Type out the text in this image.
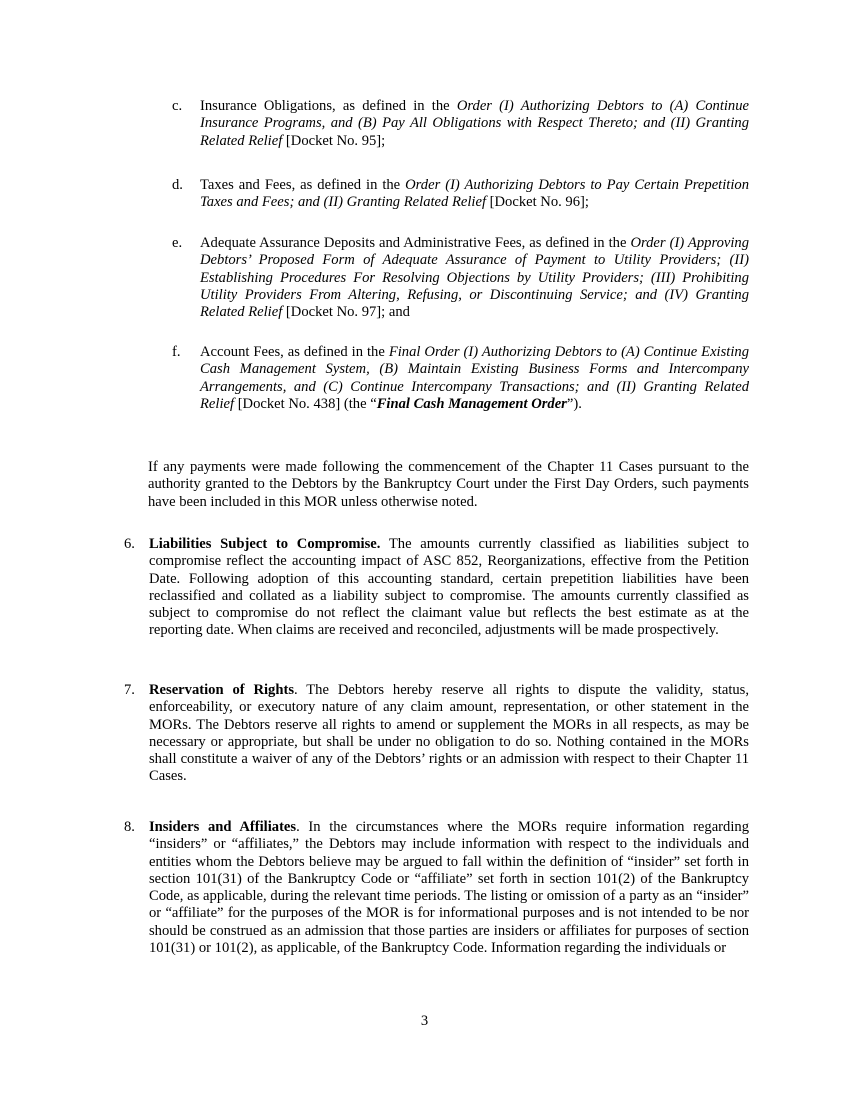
c. Insurance Obligations, as defined in the Order (I) Authorizing Debtors to (A) Continue Insurance Programs, and (B) Pay All Obligations with Respect Thereto; and (II) Granting Related Relief [Docket No. 95];

d. Taxes and Fees, as defined in the Order (I) Authorizing Debtors to Pay Certain Prepetition Taxes and Fees; and (II) Granting Related Relief [Docket No. 96];

e. Adequate Assurance Deposits and Administrative Fees, as defined in the Order (I) Approving Debtors’ Proposed Form of Adequate Assurance of Payment to Utility Providers; (II) Establishing Procedures For Resolving Objections by Utility Providers; (III) Prohibiting Utility Providers From Altering, Refusing, or Discontinuing Service; and (IV) Granting Related Relief [Docket No. 97]; and

f. Account Fees, as defined in the Final Order (I) Authorizing Debtors to (A) Continue Existing Cash Management System, (B) Maintain Existing Business Forms and Intercompany Arrangements, and (C) Continue Intercompany Transactions; and (II) Granting Related Relief [Docket No. 438] (the “Final Cash Management Order”).

If any payments were made following the commencement of the Chapter 11 Cases pursuant to the authority granted to the Debtors by the Bankruptcy Court under the First Day Orders, such payments have been included in this MOR unless otherwise noted.

6. Liabilities Subject to Compromise. The amounts currently classified as liabilities subject to compromise reflect the accounting impact of ASC 852, Reorganizations, effective from the Petition Date. Following adoption of this accounting standard, certain prepetition liabilities have been reclassified and collated as a liability subject to compromise. The amounts currently classified as subject to compromise do not reflect the claimant value but reflects the best estimate as at the reporting date. When claims are received and reconciled, adjustments will be made prospectively.

7. Reservation of Rights. The Debtors hereby reserve all rights to dispute the validity, status, enforceability, or executory nature of any claim amount, representation, or other statement in the MORs. The Debtors reserve all rights to amend or supplement the MORs in all respects, as may be necessary or appropriate, but shall be under no obligation to do so. Nothing contained in the MORs shall constitute a waiver of any of the Debtors’ rights or an admission with respect to their Chapter 11 Cases.

8. Insiders and Affiliates. In the circumstances where the MORs require information regarding “insiders” or “affiliates,” the Debtors may include information with respect to the individuals and entities whom the Debtors believe may be argued to fall within the definition of “insider” set forth in section 101(31) of the Bankruptcy Code or “affiliate” set forth in section 101(2) of the Bankruptcy Code, as applicable, during the relevant time periods. The listing or omission of a party as an “insider” or “affiliate” for the purposes of the MOR is for informational purposes and is not intended to be nor should be construed as an admission that those parties are insiders or affiliates for purposes of section 101(31) or 101(2), as applicable, of the Bankruptcy Code. Information regarding the individuals or

3
